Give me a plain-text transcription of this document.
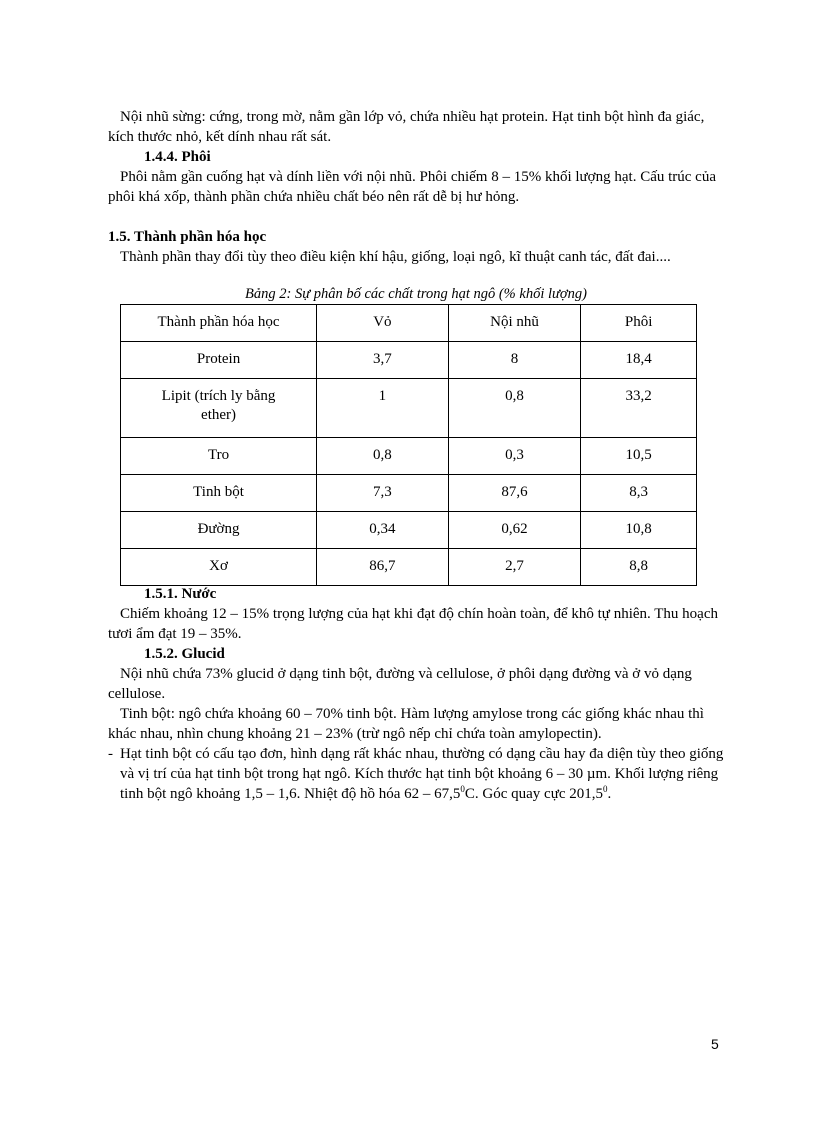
Nội nhũ sừng: cứng, trong mờ, nằm gần lớp vỏ, chứa nhiều hạt protein. Hạt tinh bột hình đa giác, kích thước nhỏ, kết dính nhau rất sát.

1.4.4. Phôi

Phôi nằm gần cuống hạt và dính liền với nội nhũ. Phôi chiếm 8 – 15% khối lượng hạt. Cấu trúc của phôi khá xốp, thành phần chứa nhiều chất béo nên rất dễ bị hư hỏng.

1.5. Thành phần hóa học

Thành phần thay đổi tùy theo điều kiện khí hậu, giống, loại ngô, kĩ thuật canh tác, đất đai....

Bảng 2: Sự phân bố các chất trong hạt ngô (% khối lượng)
Thành phần hóa học	Vỏ	Nội nhũ	Phôi
Protein	3,7	8	18,4
Lipit (trích ly bằng
ether)	1	0,8	33,2
Tro	0,8	0,3	10,5
Tinh bột	7,3	87,6	8,3
Đường	0,34	0,62	10,8
Xơ	86,7	2,7	8,8

1.5.1. Nước

Chiếm khoảng 12 – 15% trọng lượng của hạt khi đạt độ chín hoàn toàn, để khô tự nhiên. Thu hoạch tươi ẩm đạt 19 – 35%.

1.5.2. Glucid

Nội nhũ chứa 73% glucid ở dạng tinh bột, đường và cellulose, ở phôi dạng đường và ở vỏ dạng cellulose.

Tinh bột: ngô chứa khoảng 60 – 70% tinh bột. Hàm lượng amylose trong các giống khác nhau thì khác nhau, nhìn chung khoảng 21 – 23% (trừ ngô nếp chỉ chứa toàn amylopectin).

- Hạt tinh bột có cấu tạo đơn, hình dạng rất khác nhau, thường có dạng cầu hay đa diện tùy theo giống và vị trí của hạt tinh bột trong hạt ngô. Kích thước hạt tinh bột khoảng 6 – 30 µm. Khối lượng riêng tinh bột ngô khoảng 1,5 – 1,6. Nhiệt độ hồ hóa 62 – 67,5$^0$C. Góc quay cực 201,5$^0$.
5
